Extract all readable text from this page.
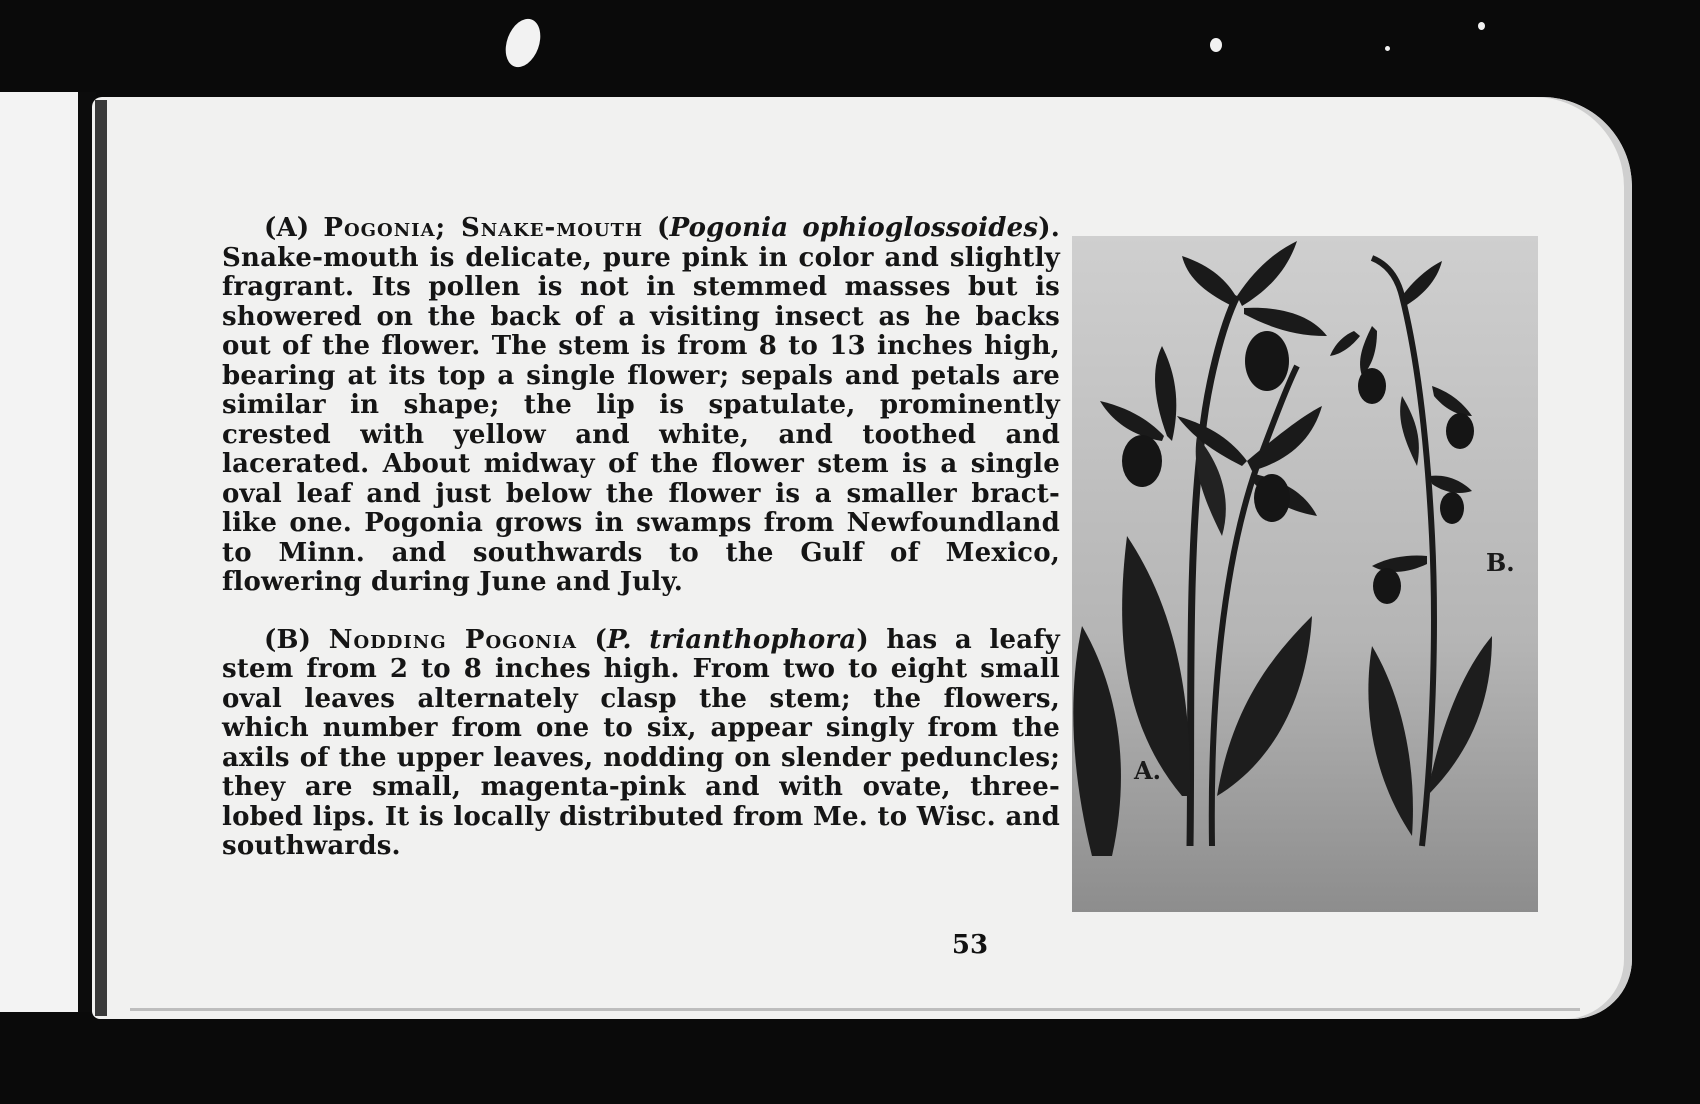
(A) Pogonia; Snake-mouth (Pogonia ophioglossoides). Snake-mouth is delicate, pure pink in color and slightly fragrant. Its pollen is not in stemmed masses but is showered on the back of a visiting insect as he backs out of the flower. The stem is from 8 to 13 inches high, bearing at its top a single flower; sepals and petals are similar in shape; the lip is spatulate, prominently crested with yellow and white, and toothed and lacerated. About midway of the flower stem is a single oval leaf and just below the flower is a smaller bract-like one. Pogonia grows in swamps from Newfoundland to Minn. and southwards to the Gulf of Mexico, flowering during June and July.

(B) Nodding Pogonia (P. trianthophora) has a leafy stem from 2 to 8 inches high. From two to eight small oval leaves alternately clasp the stem; the flowers, which number from one to six, appear singly from the axils of the upper leaves, nodding on slender peduncles; they are small, magenta-pink and with ovate, three-lobed lips. It is locally distributed from Me. to Wisc. and southwards.

A.
B.
53
